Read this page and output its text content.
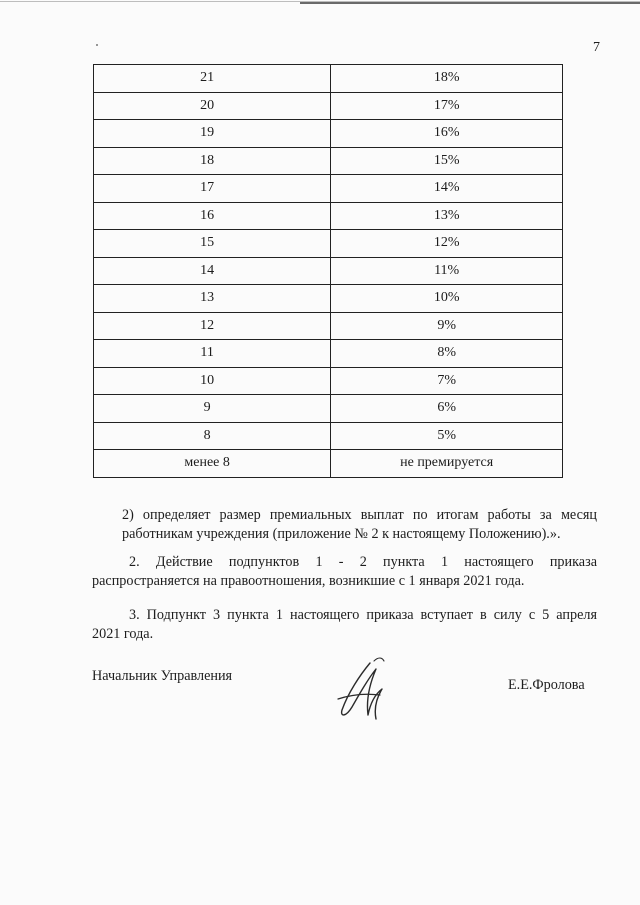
7
21	18%
20	17%
19	16%
18	15%
17	14%
16	13%
15	12%
14	11%
13	10%
12	9%
11	8%
10	7%
9	6%
8	5%
менее 8	не премируется
2) определяет размер премиальных выплат по итогам работы за месяц
работникам учреждения (приложение № 2 к настоящему Положению).».
2. Действие подпунктов 1 - 2 пункта 1 настоящего приказа
распространяется на правоотношения, возникшие с 1 января 2021 года.
3. Подпункт 3 пункта 1 настоящего приказа вступает в силу с 5 апреля
2021 года.
Начальник Управления
Е.Е.Фролова
